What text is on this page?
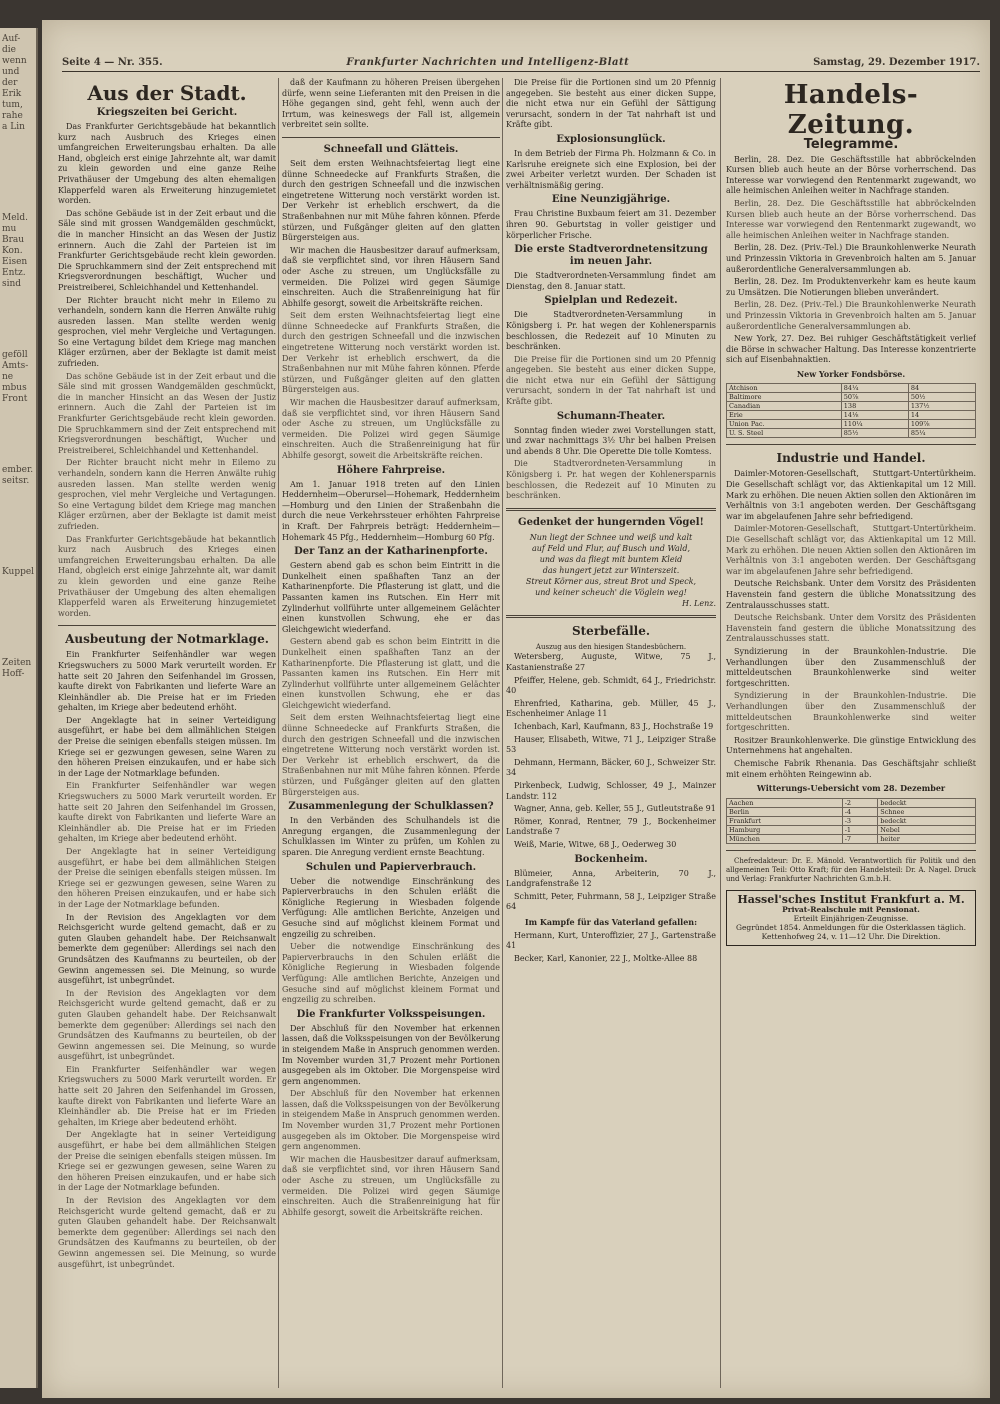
Auf-
die
wenn
und
der
Erik
tum,
rahe
a Lin
Meld.
mu
Brau
Kon.
Eisen
Entz.
sind
geföll
Amts-
ne
mbus
Front
ember.
seitsr.
Kuppel
Zeiten
Hoff-
Seite 4 — Nr. 355.	Frankfurter Nachrichten und Intelligenz-Blatt	Samstag, 29. Dezember 1917.
Aus der Stadt.
Kriegszeiten bei Gericht.

Das Frankfurter Gerichtsgebäude hat bekanntlich kurz nach Ausbruch des Krieges einen umfangreichen Erweiterungsbau erhalten. Da alle Hand, obgleich erst einige Jahrzehnte alt, war damit zu klein geworden und eine ganze Reihe Privathäuser der Umgebung des alten ehemaligen Klapperfeld waren als Erweiterung hinzugemietet worden.

Das schöne Gebäude ist in der Zeit erbaut und die Säle sind mit grossen Wandgemälden geschmückt, die in mancher Hinsicht an das Wesen der Justiz erinnern. Auch die Zahl der Parteien ist im Frankfurter Gerichtsgebäude recht klein geworden. Die Spruchkammern sind der Zeit entsprechend mit Kriegsverordnungen beschäftigt, Wucher und Preistreiberei, Schleichhandel und Kettenhandel.

Der Richter braucht nicht mehr in Eilemo zu verhandeln, sondern kann die Herren Anwälte ruhig ausreden lassen. Man stellte werden wenig gesprochen, viel mehr Vergleiche und Vertagungen. So eine Vertagung bildet dem Kriege mag manchen Kläger erzürnen, aber der Beklagte ist damit meist zufrieden.

Das schöne Gebäude ist in der Zeit erbaut und die Säle sind mit grossen Wandgemälden geschmückt, die in mancher Hinsicht an das Wesen der Justiz erinnern. Auch die Zahl der Parteien ist im Frankfurter Gerichtsgebäude recht klein geworden. Die Spruchkammern sind der Zeit entsprechend mit Kriegsverordnungen beschäftigt, Wucher und Preistreiberei, Schleichhandel und Kettenhandel.

Der Richter braucht nicht mehr in Eilemo zu verhandeln, sondern kann die Herren Anwälte ruhig ausreden lassen. Man stellte werden wenig gesprochen, viel mehr Vergleiche und Vertagungen. So eine Vertagung bildet dem Kriege mag manchen Kläger erzürnen, aber der Beklagte ist damit meist zufrieden.

Das Frankfurter Gerichtsgebäude hat bekanntlich kurz nach Ausbruch des Krieges einen umfangreichen Erweiterungsbau erhalten. Da alle Hand, obgleich erst einige Jahrzehnte alt, war damit zu klein geworden und eine ganze Reihe Privathäuser der Umgebung des alten ehemaligen Klapperfeld waren als Erweiterung hinzugemietet worden.

Ausbeutung der Notmarklage.

Ein Frankfurter Seifenhändler war wegen Kriegswuchers zu 5000 Mark verurteilt worden. Er hatte seit 20 Jahren den Seifenhandel im Grossen, kaufte direkt von Fabrikanten und lieferte Ware an Kleinhändler ab. Die Preise hat er im Frieden gehalten, im Kriege aber bedeutend erhöht.

Der Angeklagte hat in seiner Verteidigung ausgeführt, er habe bei dem allmählichen Steigen der Preise die seinigen ebenfalls steigen müssen. Im Kriege sei er gezwungen gewesen, seine Waren zu den höheren Preisen einzukaufen, und er habe sich in der Lage der Notmarklage befunden.

Ein Frankfurter Seifenhändler war wegen Kriegswuchers zu 5000 Mark verurteilt worden. Er hatte seit 20 Jahren den Seifenhandel im Grossen, kaufte direkt von Fabrikanten und lieferte Ware an Kleinhändler ab. Die Preise hat er im Frieden gehalten, im Kriege aber bedeutend erhöht.

Der Angeklagte hat in seiner Verteidigung ausgeführt, er habe bei dem allmählichen Steigen der Preise die seinigen ebenfalls steigen müssen. Im Kriege sei er gezwungen gewesen, seine Waren zu den höheren Preisen einzukaufen, und er habe sich in der Lage der Notmarklage befunden.

In der Revision des Angeklagten vor dem Reichsgericht wurde geltend gemacht, daß er zu guten Glauben gehandelt habe. Der Reichsanwalt bemerkte dem gegenüber: Allerdings sei nach den Grundsätzen des Kaufmanns zu beurteilen, ob der Gewinn angemessen sei. Die Meinung, so wurde ausgeführt, ist unbegründet.

In der Revision des Angeklagten vor dem Reichsgericht wurde geltend gemacht, daß er zu guten Glauben gehandelt habe. Der Reichsanwalt bemerkte dem gegenüber: Allerdings sei nach den Grundsätzen des Kaufmanns zu beurteilen, ob der Gewinn angemessen sei. Die Meinung, so wurde ausgeführt, ist unbegründet.

Ein Frankfurter Seifenhändler war wegen Kriegswuchers zu 5000 Mark verurteilt worden. Er hatte seit 20 Jahren den Seifenhandel im Grossen, kaufte direkt von Fabrikanten und lieferte Ware an Kleinhändler ab. Die Preise hat er im Frieden gehalten, im Kriege aber bedeutend erhöht.

Der Angeklagte hat in seiner Verteidigung ausgeführt, er habe bei dem allmählichen Steigen der Preise die seinigen ebenfalls steigen müssen. Im Kriege sei er gezwungen gewesen, seine Waren zu den höheren Preisen einzukaufen, und er habe sich in der Lage der Notmarklage befunden.

In der Revision des Angeklagten vor dem Reichsgericht wurde geltend gemacht, daß er zu guten Glauben gehandelt habe. Der Reichsanwalt bemerkte dem gegenüber: Allerdings sei nach den Grundsätzen des Kaufmanns zu beurteilen, ob der Gewinn angemessen sei. Die Meinung, so wurde ausgeführt, ist unbegründet.

daß der Kaufmann zu höheren Preisen übergehen dürfe, wenn seine Lieferanten mit den Preisen in die Höhe gegangen sind, geht fehl, wenn auch der Irrtum, was keineswegs der Fall ist, allgemein verbreitet sein sollte.

Schneefall und Glätteis.

Seit dem ersten Weihnachtsfeiertag liegt eine dünne Schneedecke auf Frankfurts Straßen, die durch den gestrigen Schneefall und die inzwischen eingetretene Witterung noch verstärkt worden ist. Der Verkehr ist erheblich erschwert, da die Straßenbahnen nur mit Mühe fahren können. Pferde stürzen, und Fußgänger gleiten auf den glatten Bürgersteigen aus.

Wir machen die Hausbesitzer darauf aufmerksam, daß sie verpflichtet sind, vor ihren Häusern Sand oder Asche zu streuen, um Unglücksfälle zu vermeiden. Die Polizei wird gegen Säumige einschreiten. Auch die Straßenreinigung hat für Abhilfe gesorgt, soweit die Arbeitskräfte reichen.

Seit dem ersten Weihnachtsfeiertag liegt eine dünne Schneedecke auf Frankfurts Straßen, die durch den gestrigen Schneefall und die inzwischen eingetretene Witterung noch verstärkt worden ist. Der Verkehr ist erheblich erschwert, da die Straßenbahnen nur mit Mühe fahren können. Pferde stürzen, und Fußgänger gleiten auf den glatten Bürgersteigen aus.

Wir machen die Hausbesitzer darauf aufmerksam, daß sie verpflichtet sind, vor ihren Häusern Sand oder Asche zu streuen, um Unglücksfälle zu vermeiden. Die Polizei wird gegen Säumige einschreiten. Auch die Straßenreinigung hat für Abhilfe gesorgt, soweit die Arbeitskräfte reichen.

Höhere Fahrpreise.

Am 1. Januar 1918 treten auf den Linien Heddernheim—Oberursel—Hohemark, Heddernheim—Homburg und den Linien der Straßenbahn die durch die neue Verkehrssteuer erhöhten Fahrpreise in Kraft. Der Fahrpreis beträgt: Heddernheim—Hohemark 45 Pfg., Heddernheim—Homburg 60 Pfg.

Der Tanz an der Katharinenpforte.

Gestern abend gab es schon beim Eintritt in die Dunkelheit einen spaßhaften Tanz an der Katharinenpforte. Die Pflasterung ist glatt, und die Passanten kamen ins Rutschen. Ein Herr mit Zylinderhut vollführte unter allgemeinem Gelächter einen kunstvollen Schwung, ehe er das Gleichgewicht wiederfand.

Gestern abend gab es schon beim Eintritt in die Dunkelheit einen spaßhaften Tanz an der Katharinenpforte. Die Pflasterung ist glatt, und die Passanten kamen ins Rutschen. Ein Herr mit Zylinderhut vollführte unter allgemeinem Gelächter einen kunstvollen Schwung, ehe er das Gleichgewicht wiederfand.

Seit dem ersten Weihnachtsfeiertag liegt eine dünne Schneedecke auf Frankfurts Straßen, die durch den gestrigen Schneefall und die inzwischen eingetretene Witterung noch verstärkt worden ist. Der Verkehr ist erheblich erschwert, da die Straßenbahnen nur mit Mühe fahren können. Pferde stürzen, und Fußgänger gleiten auf den glatten Bürgersteigen aus.

Zusammenlegung der Schulklassen?

In den Verbänden des Schulhandels ist die Anregung ergangen, die Zusammenlegung der Schulklassen im Winter zu prüfen, um Kohlen zu sparen. Die Anregung verdient ernste Beachtung.

Schulen und Papierverbrauch.

Ueber die notwendige Einschränkung des Papierverbrauchs in den Schulen erläßt die Königliche Regierung in Wiesbaden folgende Verfügung: Alle amtlichen Berichte, Anzeigen und Gesuche sind auf möglichst kleinem Format und engzeilig zu schreiben.

Ueber die notwendige Einschränkung des Papierverbrauchs in den Schulen erläßt die Königliche Regierung in Wiesbaden folgende Verfügung: Alle amtlichen Berichte, Anzeigen und Gesuche sind auf möglichst kleinem Format und engzeilig zu schreiben.

Die Frankfurter Volksspeisungen.

Der Abschluß für den November hat erkennen lassen, daß die Volksspeisungen von der Bevölkerung in steigendem Maße in Anspruch genommen werden. Im November wurden 31,7 Prozent mehr Portionen ausgegeben als im Oktober. Die Morgenspeise wird gern angenommen.

Der Abschluß für den November hat erkennen lassen, daß die Volksspeisungen von der Bevölkerung in steigendem Maße in Anspruch genommen werden. Im November wurden 31,7 Prozent mehr Portionen ausgegeben als im Oktober. Die Morgenspeise wird gern angenommen.

Wir machen die Hausbesitzer darauf aufmerksam, daß sie verpflichtet sind, vor ihren Häusern Sand oder Asche zu streuen, um Unglücksfälle zu vermeiden. Die Polizei wird gegen Säumige einschreiten. Auch die Straßenreinigung hat für Abhilfe gesorgt, soweit die Arbeitskräfte reichen.

Die Preise für die Portionen sind um 20 Pfennig angegeben. Sie besteht aus einer dicken Suppe, die nicht etwa nur ein Gefühl der Sättigung verursacht, sondern in der Tat nahrhaft ist und Kräfte gibt.

Explosionsunglück.

In dem Betrieb der Firma Ph. Holzmann & Co. in Karlsruhe ereignete sich eine Explosion, bei der zwei Arbeiter verletzt wurden. Der Schaden ist verhältnismäßig gering.

Eine Neunzigjährige.

Frau Christine Buxbaum feiert am 31. Dezember ihren 90. Geburtstag in voller geistiger und körperlicher Frische.

Die erste Stadtverordnetensitzung im neuen Jahr.

Die Stadtverordneten-Versammlung findet am Dienstag, den 8. Januar statt.

Spielplan und Redezeit.

Die Stadtverordneten-Versammlung in Königsberg i. Pr. hat wegen der Kohlenersparnis beschlossen, die Redezeit auf 10 Minuten zu beschränken.

Die Preise für die Portionen sind um 20 Pfennig angegeben. Sie besteht aus einer dicken Suppe, die nicht etwa nur ein Gefühl der Sättigung verursacht, sondern in der Tat nahrhaft ist und Kräfte gibt.

Schumann-Theater.

Sonntag finden wieder zwei Vorstellungen statt, und zwar nachmittags 3½ Uhr bei halben Preisen und abends 8 Uhr. Die Operette Die tolle Komtess.

Die Stadtverordneten-Versammlung in Königsberg i. Pr. hat wegen der Kohlenersparnis beschlossen, die Redezeit auf 10 Minuten zu beschränken.

Gedenket der hungernden Vögel!
Nun liegt der Schnee und weiß und kalt
auf Feld und Flur, auf Busch und Wald,
und was da fliegt mit buntem Kleid
das hungert jetzt zur Winterszeit.
Streut Körner aus, streut Brot und Speck,
und keiner scheuch' die Vöglein weg!
H. Lenz.
Sterbefälle.
Auszug aus den hiesigen Standesbüchern.

Wetersberg, Auguste, Witwe, 75 J., Kastanienstraße 27

Pfeiffer, Helene, geb. Schmidt, 64 J., Friedrichstr. 40

Ehrenfried, Katharina, geb. Müller, 45 J., Eschenheimer Anlage 11

Ichenbach, Karl, Kaufmann, 83 J., Hochstraße 19

Hauser, Elisabeth, Witwe, 71 J., Leipziger Straße 53

Dehmann, Hermann, Bäcker, 60 J., Schweizer Str. 34

Pirkenbeck, Ludwig, Schlosser, 49 J., Mainzer Landstr. 112

Wagner, Anna, geb. Keller, 55 J., Gutleutstraße 91

Römer, Konrad, Rentner, 79 J., Bockenheimer Landstraße 7

Weiß, Marie, Witwe, 68 J., Oederweg 30

Bockenheim.

Blümeier, Anna, Arbeiterin, 70 J., Landgrafenstraße 12

Schmitt, Peter, Fuhrmann, 58 J., Leipziger Straße 64

Im Kampfe für das Vaterland gefallen:

Hermann, Kurt, Unteroffizier, 27 J., Gartenstraße 41

Becker, Karl, Kanonier, 22 J., Moltke-Allee 88

Handels-Zeitung.
Telegramme.

Berlin, 28. Dez. Die Geschäftsstille hat abbröckelnden Kursen blieb auch heute an der Börse vorherrschend. Das Interesse war vorwiegend den Rentenmarkt zugewandt, wo alle heimischen Anleihen weiter in Nachfrage standen.

Berlin, 28. Dez. Die Geschäftsstille hat abbröckelnden Kursen blieb auch heute an der Börse vorherrschend. Das Interesse war vorwiegend den Rentenmarkt zugewandt, wo alle heimischen Anleihen weiter in Nachfrage standen.

Berlin, 28. Dez. (Priv.-Tel.) Die Braunkohlenwerke Neurath und Prinzessin Viktoria in Grevenbroich halten am 5. Januar außerordentliche Generalversammlungen ab.

Berlin, 28. Dez. Im Produktenverkehr kam es heute kaum zu Umsätzen. Die Notierungen blieben unverändert.

Berlin, 28. Dez. (Priv.-Tel.) Die Braunkohlenwerke Neurath und Prinzessin Viktoria in Grevenbroich halten am 5. Januar außerordentliche Generalversammlungen ab.

New York, 27. Dez. Bei ruhiger Geschäftstätigkeit verlief die Börse in schwacher Haltung. Das Interesse konzentrierte sich auf Eisenbahnaktien.

New Yorker Fondsbörse.
Atchison	84¼	84
Baltimore	50⅞	50½
Canadian	138	137½
Erie	14⅛	14
Union Pac.	110¼	109⅞
U. S. Steel	85½	85¼
Industrie und Handel.

Daimler-Motoren-Gesellschaft, Stuttgart-Untertürkheim. Die Gesellschaft schlägt vor, das Aktienkapital um 12 Mill. Mark zu erhöhen. Die neuen Aktien sollen den Aktionären im Verhältnis von 3:1 angeboten werden. Der Geschäftsgang war im abgelaufenen Jahre sehr befriedigend.

Daimler-Motoren-Gesellschaft, Stuttgart-Untertürkheim. Die Gesellschaft schlägt vor, das Aktienkapital um 12 Mill. Mark zu erhöhen. Die neuen Aktien sollen den Aktionären im Verhältnis von 3:1 angeboten werden. Der Geschäftsgang war im abgelaufenen Jahre sehr befriedigend.

Deutsche Reichsbank. Unter dem Vorsitz des Präsidenten Havenstein fand gestern die übliche Monatssitzung des Zentralausschusses statt.

Deutsche Reichsbank. Unter dem Vorsitz des Präsidenten Havenstein fand gestern die übliche Monatssitzung des Zentralausschusses statt.

Syndizierung in der Braunkohlen-Industrie. Die Verhandlungen über den Zusammenschluß der mitteldeutschen Braunkohlenwerke sind weiter fortgeschritten.

Syndizierung in der Braunkohlen-Industrie. Die Verhandlungen über den Zusammenschluß der mitteldeutschen Braunkohlenwerke sind weiter fortgeschritten.

Rositzer Braunkohlenwerke. Die günstige Entwicklung des Unternehmens hat angehalten.

Chemische Fabrik Rhenania. Das Geschäftsjahr schließt mit einem erhöhten Reingewinn ab.

Witterungs-Uebersicht vom 28. Dezember
Aachen	-2	bedeckt
Berlin	-4	Schnee
Frankfurt	-3	bedeckt
Hamburg	-1	Nebel
München	-7	heiter

Chefredakteur: Dr. E. Mänold. Verantwortlich für Politik und den allgemeinen Teil: Otto Kraft; für den Handelsteil: Dr. A. Nagel. Druck und Verlag: Frankfurter Nachrichten G.m.b.H.

Hassel'sches Institut Frankfurt a. M.
Privat-Realschule mit Pensionat.
Erteilt Einjährigen-Zeugnisse.
Gegründet 1854. Anmeldungen für die Osterklassen täglich. Kettenhofweg 24, v. 11—12 Uhr. Die Direktion.
